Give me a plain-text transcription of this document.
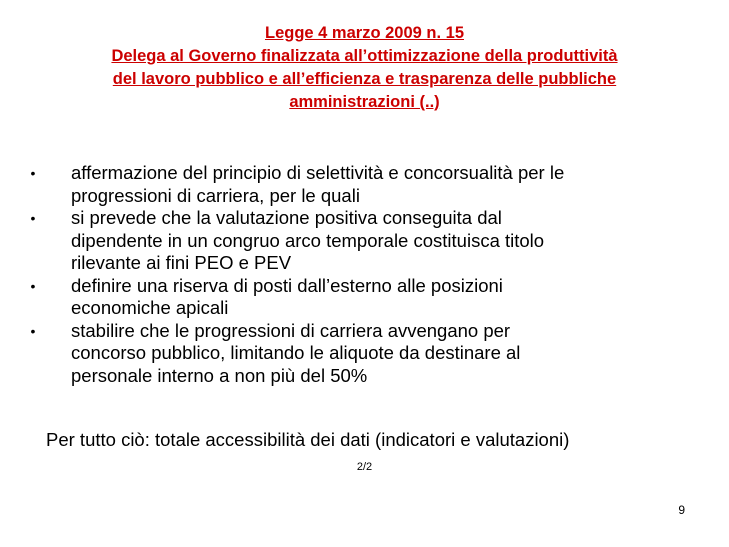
Legge 4 marzo 2009 n. 15
Delega al Governo finalizzata all’ottimizzazione della produttività
del lavoro pubblico e all’efficienza e trasparenza delle pubbliche
amministrazioni (..)
• affermazione del principio di selettività e concorsualità per le
progressioni di carriera, per le quali
• si prevede che la valutazione positiva conseguita dal
dipendente in un congruo arco temporale costituisca titolo
rilevante ai fini PEO e PEV
• definire una riserva di posti dall’esterno alle posizioni
economiche apicali
• stabilire che le progressioni di carriera avvengano per
concorso pubblico, limitando le aliquote da destinare al
personale interno a non più del 50%
Per tutto ciò: totale accessibilità dei dati (indicatori e valutazioni)
2/2
9
